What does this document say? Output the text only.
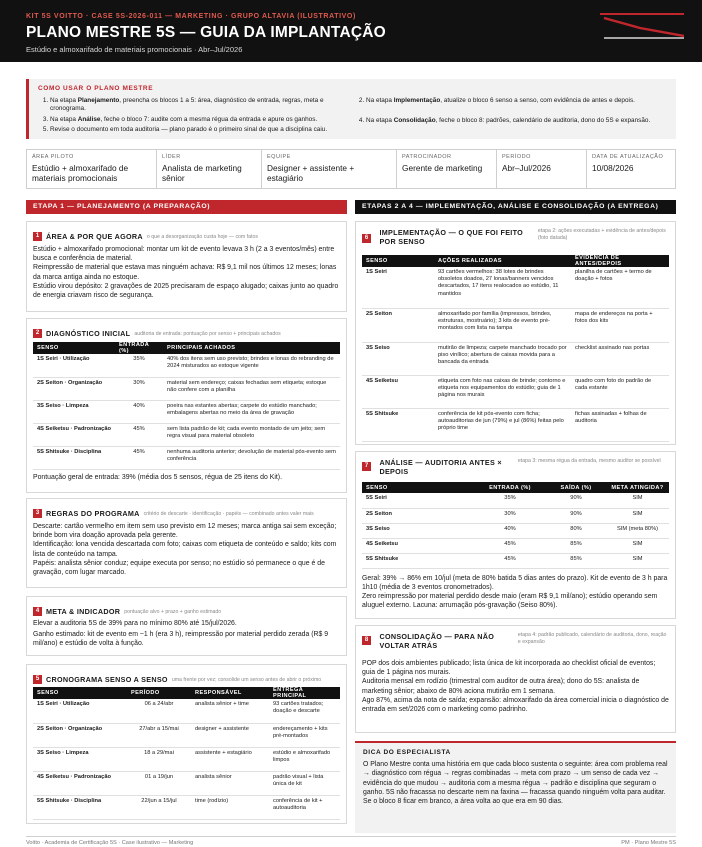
KIT 5S VOITTO · CASE 5S-2026-011 — MARKETING · GRUPO ALTAVIA (ILUSTRATIVO)
PLANO MESTRE 5S — GUIA DA IMPLANTAÇÃO
Estúdio e almoxarifado de materiais promocionais · Abr–Jul/2026
COMO USAR O PLANO MESTRE
1. Na etapa Planejamento, preencha os blocos 1 a 5: área, diagnóstico de entrada, regras, meta e cronograma.
3. Na etapa Análise, feche o bloco 7: audite com a mesma régua da entrada e apure os ganhos.
5. Revise o documento em toda auditoria — plano parado é o primeiro sinal de que a disciplina caiu.
2. Na etapa Implementação, atualize o bloco 6 senso a senso, com evidência de antes e depois.
4. Na etapa Consolidação, feche o bloco 8: padrões, calendário de auditoria, dono do 5S e expansão.
ÁREA PILOTO
Estúdio + almoxarifado de materiais promocionais
LÍDER
Analista de marketing sênior
EQUIPE
Designer + assistente + estagiário
PATROCINADOR
Gerente de marketing
PERÍODO
Abr–Jul/2026
DATA DE ATUALIZAÇÃO
10/08/2026
ETAPA 1 — PLANEJAMENTO (A PREPARAÇÃO)	ETAPAS 2 A 4 — IMPLEMENTAÇÃO, ANÁLISE E CONSOLIDAÇÃO (A ENTREGA)
1 ÁREA & POR QUE AGORA o que a desorganização custa hoje — com fatos

Estúdio + almoxarifado promocional: montar um kit de evento levava 3 h (2 a 3 eventos/mês) entre busca e conferência de material.

Reimpressão de material que estava mas ninguém achava: R$ 9,1 mil nos últimos 12 meses; lonas da marca antiga ainda no estoque.

Estúdio virou depósito: 2 gravações de 2025 precisaram de espaço alugado; caixas junto ao quadro de energia criavam risco de segurança.

2 DIAGNÓSTICO INICIAL auditoria de entrada: pontuação por senso + principais achados
SENSO	ENTRADA (%)	PRINCIPAIS ACHADOS
1S Seiri · Utilização	35%	40% dos itens sem uso previsto; brindes e lonas do rebranding de 2024 misturados ao estoque vigente
2S Seiton · Organização	30%	material sem endereço; caixas fechadas sem etiqueta; estoque não confere com a planilha
3S Seiso · Limpeza	40%	poeira nas estantes abertas; carpete do estúdio manchado; embalagens abertas no meio da área de gravação
4S Seiketsu · Padronização	45%	sem lista padrão de kit; cada evento montado de um jeito; sem regra visual para material obsoleto
5S Shitsuke · Disciplina	45%	nenhuma auditoria anterior; devolução de material pós-evento sem conferência
Pontuação geral de entrada: 39% (média dos 5 sensos, régua de 25 itens do Kit).
3 REGRAS DO PROGRAMA critério de descarte · identificação · papéis — combinado antes valer mais

Descarte: cartão vermelho em item sem uso previsto em 12 meses; marca antiga sai sem exceção; brinde bom vira doação aprovada pela gerente.

Identificação: lona vencida descartada com foto; caixas com etiqueta de conteúdo e saldo; kits com lista de conteúdo na tampa.

Papéis: analista sênior conduz; equipe executa por senso; no estúdio só permanece o que é de gravação, com lugar marcado.

4 META & INDICADOR pontuação alvo + prazo + ganho estimado

Elevar a auditoria 5S de 39% para no mínimo 80% até 15/jul/2026.

Ganho estimado: kit de evento em ~1 h (era 3 h), reimpressão por material perdido zerada (R$ 9 mil/ano) e estúdio de volta à função.

5 CRONOGRAMA SENSO A SENSO uma frente por vez; consolide um senso antes de abrir o próximo
SENSO	PERÍODO	RESPONSÁVEL	ENTREGA PRINCIPAL
1S Seiri · Utilização	06 a 24/abr	analista sênior + time	93 cartões tratados; doação e descarte
2S Seiton · Organização	27/abr a 15/mai	designer + assistente	endereçamento + kits pré-montados
3S Seiso · Limpeza	18 a 29/mai	assistente + estagiário	estúdio e almoxarifado limpos
4S Seiketsu · Padronização	01 a 19/jun	analista sênior	padrão visual + lista única de kit
5S Shitsuke · Disciplina	22/jun a 15/jul	time (rodízio)	conferência de kit + autoauditoria
6 IMPLEMENTAÇÃO — O QUE FOI FEITO POR SENSO etapa 2: ações executadas + evidência de antes/depois (foto datada)
SENSO	AÇÕES REALIZADAS	EVIDÊNCIA DE ANTES/DEPOIS
1S Seiri	93 cartões vermelhos: 38 lotes de brindes obsoletos doados, 27 lonas/banners vencidos descartados, 17 itens realocados ao estúdio, 11 mantidos	planilha de cartões + termo de doação + fotos
2S Seiton	almoxarifado por família (impressos, brindes, estruturas, mostruário); 3 kits de evento pré-montados com lista na tampa	mapa de endereços na porta + fotos dos kits
3S Seiso	mutirão de limpeza; carpete manchado trocado por piso vinílico; abertura de caixas movida para a bancada da entrada	checklist assinado nas portas
4S Seiketsu	etiqueta com foto nas caixas de brinde; contorno e etiqueta nos equipamentos do estúdio; guia de 1 página nos murais	quadro com foto do padrão de cada estante
5S Shitsuke	conferência de kit pós-evento com ficha; autoauditorias de jun (79%) e jul (86%) feitas pelo próprio time	fichas assinadas + folhas de auditoria
7 ANÁLISE — AUDITORIA ANTES × DEPOIS etapa 3: mesma régua da entrada, mesmo auditor se possível
SENSO	ENTRADA (%)	SAÍDA (%)	META ATINGIDA?
5S Seiri	35%	90%	SIM
2S Seiton	30%	90%	SIM
3S Seiso	40%	80%	SIM (meta 80%)
4S Seiketsu	45%	85%	SIM
5S Shitsuke	45%	85%	SIM

Geral: 39% → 86% em 10/jul (meta de 80% batida 5 dias antes do prazo). Kit de evento de 3 h para 1h10 (média de 3 eventos cronometrados).

Zero reimpressão por material perdido desde maio (eram R$ 9,1 mil/ano); estúdio operando sem aluguel externo. Lacuna: arrumação pós-gravação (Seiso 80%).

8 CONSOLIDAÇÃO — PARA NÃO VOLTAR ATRÁS etapa 4: padrão publicado, calendário de auditoria, dono, reação e expansão

POP dos dois ambientes publicado; lista única de kit incorporada ao checklist oficial de eventos; guia de 1 página nos murais.

Auditoria mensal em rodízio (trimestral com auditor de outra área); dono do 5S: analista de marketing sênior; abaixo de 80% aciona mutirão em 1 semana.

Ago 87%, acima da nota de saída; expansão: almoxarifado da área comercial inicia o diagnóstico de entrada em set/2026 com o marketing como padrinho.

DICA DO ESPECIALISTA
O Plano Mestre conta uma história em que cada bloco sustenta o seguinte: área com problema real → diagnóstico com régua → regras combinadas → meta com prazo → um senso de cada vez → evidência do que mudou → auditoria com a mesma régua → padrão e disciplina que seguram o ganho. 5S não fracassa no descarte nem na faxina — fracassa quando ninguém volta para auditar. Se o bloco 8 ficar em branco, a área volta ao que era em 90 dias.
Voitto · Academia de Certificação 5S · Case ilustrativo — Marketing	PM · Plano Mestre 5S
